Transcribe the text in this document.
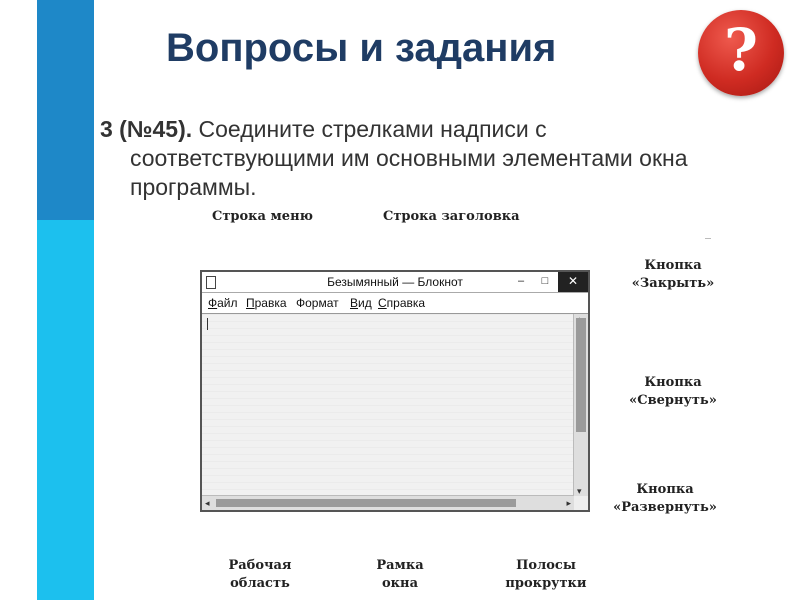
Вопросы и задания	?
3 (№45). Соедините стрелками надписи с
соответствующими им основными элементами окна программы.
Строка меню	Строка заголовка
Кнопка
«Закрыть»
Кнопка
«Свернуть»
Кнопка
«Развернуть»
Рабочая
область
Рамка
окна
Полосы
прокрутки
Безымянный — Блокнот	–	□	✕
Файл Правка Формат Вид Справка
▾
◂	▸
